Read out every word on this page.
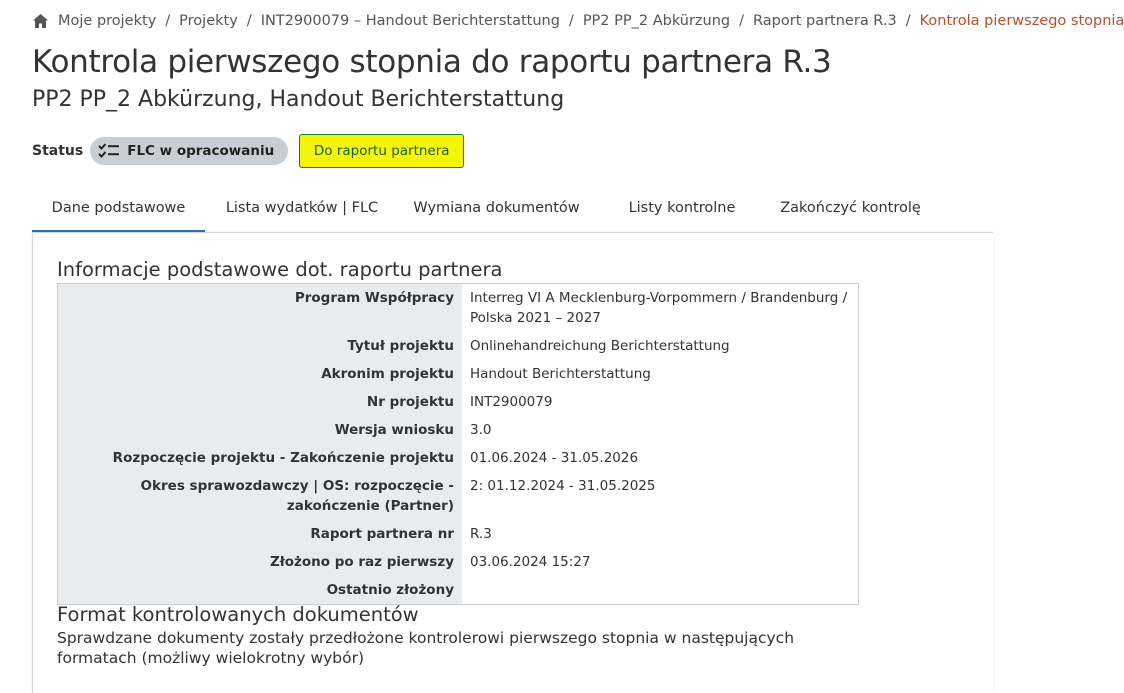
Moje projekty / Projekty / INT2900079 – Handout Berichterstattung / PP2 PP_2 Abkürzung / Raport partnera R.3 / Kontrola pierwszego stopnia
Kontrola pierwszego stopnia do raportu partnera R.3
PP2 PP_2 Abkürzung, Handout Berichterstattung
Status	FLC w opracowaniu	Do raportu partnera
Dane podstawowe	Lista wydatków | FLC	Wymiana dokumentów	Listy kontrolne	Zakończyć kontrolę
Informacje podstawowe dot. raportu partnera
Program Współpracy	Interreg VI A Mecklenburg-Vorpommern / Brandenburg / Polska 2021 – 2027
Tytuł projektu	Onlinehandreichung Berichterstattung
Akronim projektu	Handout Berichterstattung
Nr projektu	INT2900079
Wersja wniosku	3.0
Rozpoczęcie projektu - Zakończenie projektu	01.06.2024 - 31.05.2026
Okres sprawozdawczy | OS: rozpoczęcie - zakończenie (Partner)	2: 01.12.2024 - 31.05.2025
Raport partnera nr	R.3
Złożono po raz pierwszy	03.06.2024 15:27
Ostatnio złożony	
Format kontrolowanych dokumentów

Sprawdzane dokumenty zostały przedłożone kontrolerowi pierwszego stopnia w następujących formatach (możliwy wielokrotny wybór)
